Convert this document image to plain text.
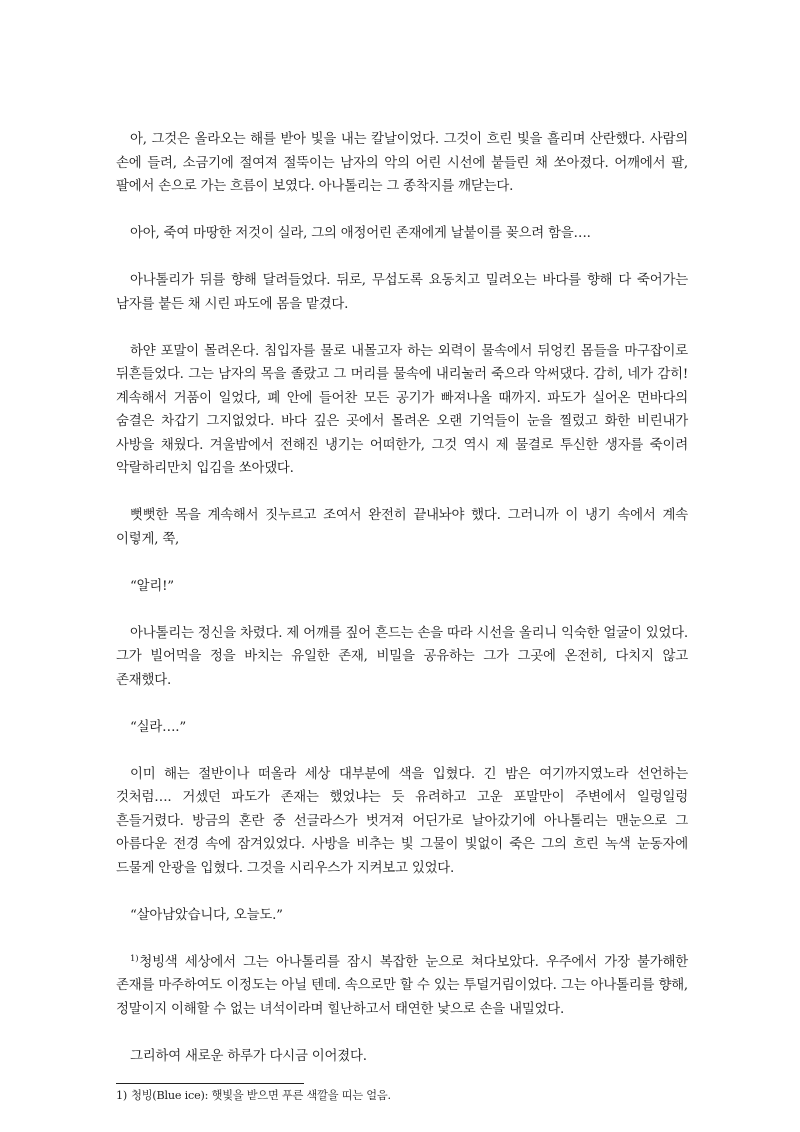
아, 그것은 올라오는 해를 받아 빛을 내는 칼날이었다. 그것이 흐린 빛을 흘리며 산란했다. 사람의 손에 들려, 소금기에 절여져 절뚝이는 남자의 악의 어린 시선에 붙들린 채 쏘아졌다. 어깨에서 팔, 팔에서 손으로 가는 흐름이 보였다. 아나톨리는 그 종착지를 깨닫는다.

아아, 죽여 마땅한 저것이 실라, 그의 애정어린 존재에게 날붙이를 꽂으려 함을….

아나톨리가 뒤를 향해 달려들었다. 뒤로, 무섭도록 요동치고 밀려오는 바다를 향해 다 죽어가는 남자를 붙든 채 시린 파도에 몸을 맡겼다.

하얀 포말이 몰려온다. 침입자를 물로 내몰고자 하는 외력이 물속에서 뒤엉킨 몸들을 마구잡이로 뒤흔들었다. 그는 남자의 목을 졸랐고 그 머리를 물속에 내리눌러 죽으라 악써댔다. 감히, 네가 감히! 계속해서 거품이 일었다, 폐 안에 들어찬 모든 공기가 빠져나올 때까지. 파도가 실어온 먼바다의 숨결은 차갑기 그지없었다. 바다 깊은 곳에서 몰려온 오랜 기억들이 눈을 찔렀고 화한 비린내가 사방을 채웠다. 겨울밤에서 전해진 냉기는 어떠한가, 그것 역시 제 물결로 투신한 생자를 죽이려 악랄하리만치 입김을 쏘아댔다.

뻣뻣한 목을 계속해서 짓누르고 조여서 완전히 끝내놔야 했다. 그러니까 이 냉기 속에서 계속 이렇게, 쭉,

“알리!”

아나톨리는 정신을 차렸다. 제 어깨를 짚어 흔드는 손을 따라 시선을 올리니 익숙한 얼굴이 있었다. 그가 빌어먹을 정을 바치는 유일한 존재, 비밀을 공유하는 그가 그곳에 온전히, 다치지 않고 존재했다.

“실라….”

이미 해는 절반이나 떠올라 세상 대부분에 색을 입혔다. 긴 밤은 여기까지였노라 선언하는 것처럼…. 거셌던 파도가 존재는 했었냐는 듯 유려하고 고운 포말만이 주변에서 일렁일렁 흔들거렸다. 방금의 혼란 중 선글라스가 벗겨져 어딘가로 날아갔기에 아나톨리는 맨눈으로 그 아름다운 전경 속에 잠겨있었다. 사방을 비추는 빛 그물이 빛없이 죽은 그의 흐린 녹색 눈동자에 드물게 안광을 입혔다. 그것을 시리우스가 지켜보고 있었다.

“살아남았습니다, 오늘도.”

$^{1)}$청빙색 세상에서 그는 아나톨리를 잠시 복잡한 눈으로 쳐다보았다. 우주에서 가장 불가해한 존재를 마주하여도 이정도는 아닐 텐데. 속으로만 할 수 있는 투덜거림이었다. 그는 아나톨리를 향해, 정말이지 이해할 수 없는 녀석이라며 힐난하고서 태연한 낯으로 손을 내밀었다.

그리하여 새로운 하루가 다시금 이어졌다.

1) 청빙(Blue ice): 햇빛을 받으면 푸른 색깔을 띠는 얼음.
